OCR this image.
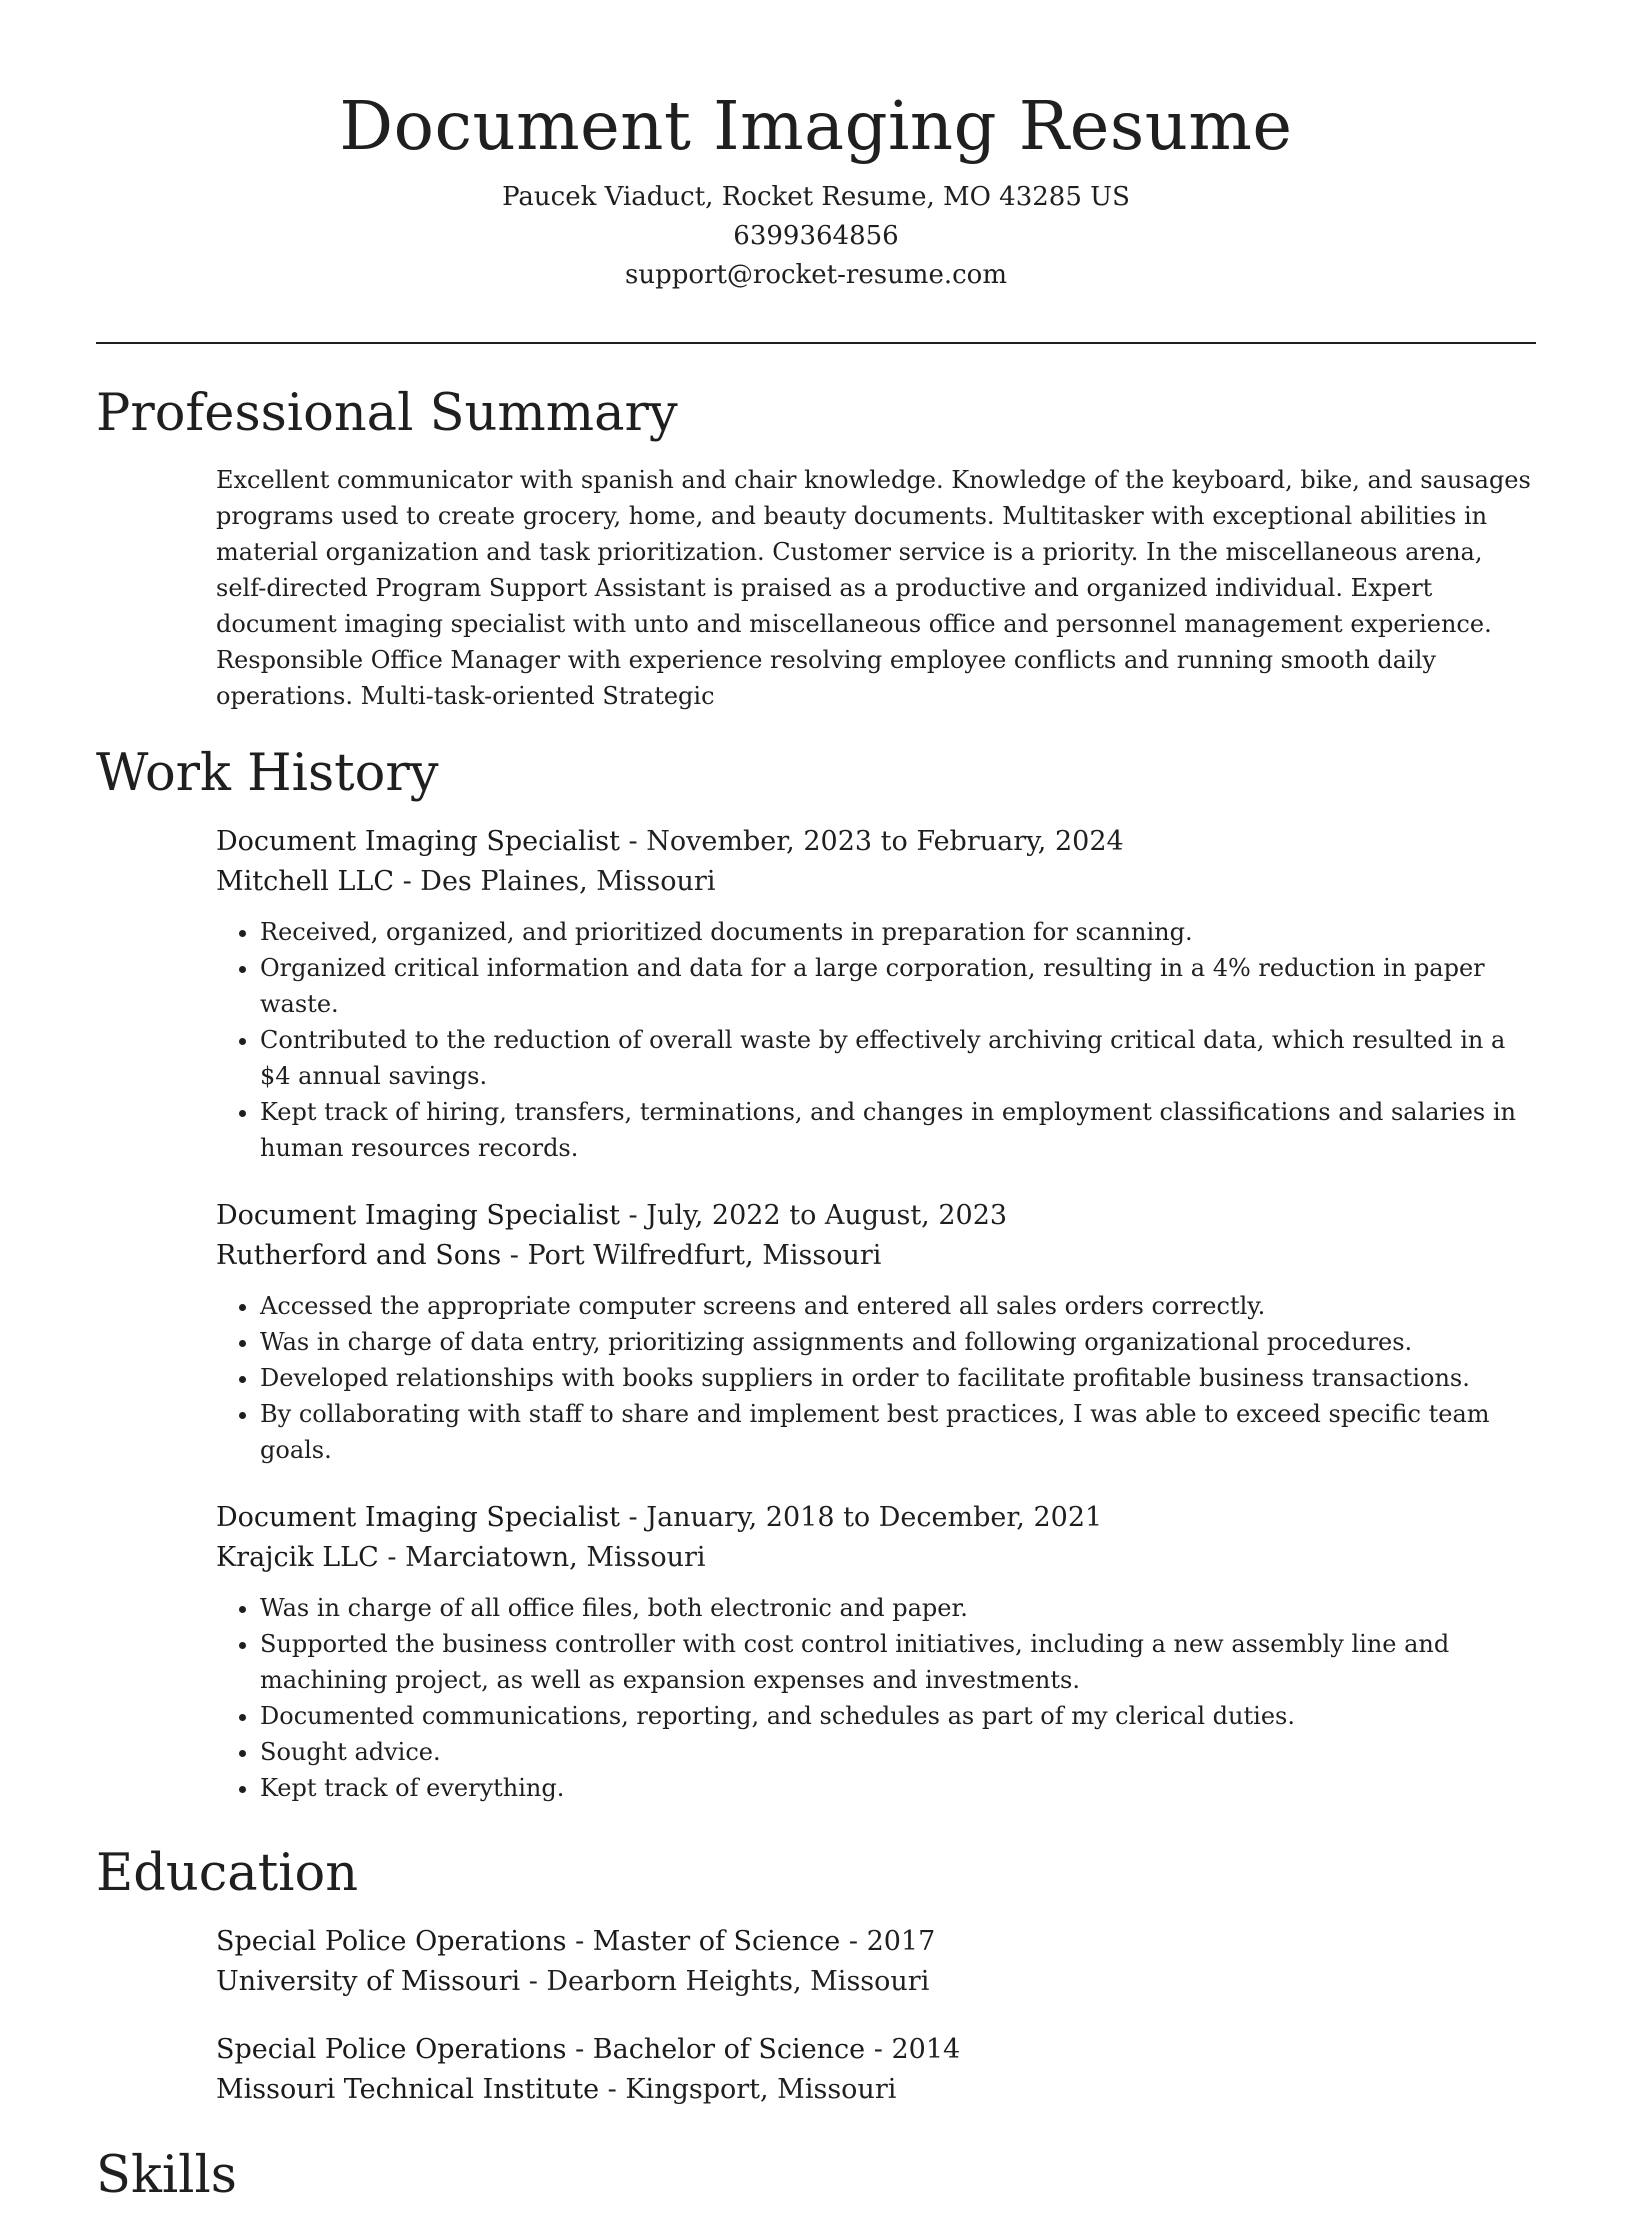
Document Imaging Resume
Paucek Viaduct, Rocket Resume, MO 43285 US
6399364856
support@rocket-resume.com
Professional Summary

Excellent communicator with spanish and chair knowledge. Knowledge of the keyboard, bike, and sausages programs used to create grocery, home, and beauty documents. Multitasker with exceptional abilities in material organization and task prioritization. Customer service is a priority. In the miscellaneous arena, self-directed Program Support Assistant is praised as a productive and organized individual. Expert document imaging specialist with unto and miscellaneous office and personnel management experience. Responsible Office Manager with experience resolving employee conflicts and running smooth daily operations. Multi-task-oriented Strategic

Work History
Document Imaging Specialist - November, 2023 to February, 2024
Mitchell LLC - Des Plaines, Missouri
• Received, organized, and prioritized documents in preparation for scanning.
• Organized critical information and data for a large corporation, resulting in a 4% reduction in paper waste.
• Contributed to the reduction of overall waste by effectively archiving critical data, which resulted in a $4 annual savings.
• Kept track of hiring, transfers, terminations, and changes in employment classifications and salaries in human resources records.
Document Imaging Specialist - July, 2022 to August, 2023
Rutherford and Sons - Port Wilfredfurt, Missouri
• Accessed the appropriate computer screens and entered all sales orders correctly.
• Was in charge of data entry, prioritizing assignments and following organizational procedures.
• Developed relationships with books suppliers in order to facilitate profitable business transactions.
• By collaborating with staff to share and implement best practices, I was able to exceed specific team goals.
Document Imaging Specialist - January, 2018 to December, 2021
Krajcik LLC - Marciatown, Missouri
• Was in charge of all office files, both electronic and paper.
• Supported the business controller with cost control initiatives, including a new assembly line and machining project, as well as expansion expenses and investments.
• Documented communications, reporting, and schedules as part of my clerical duties.
• Sought advice.
• Kept track of everything.
Education
Special Police Operations - Master of Science - 2017
University of Missouri - Dearborn Heights, Missouri
Special Police Operations - Bachelor of Science - 2014
Missouri Technical Institute - Kingsport, Missouri
Skills
